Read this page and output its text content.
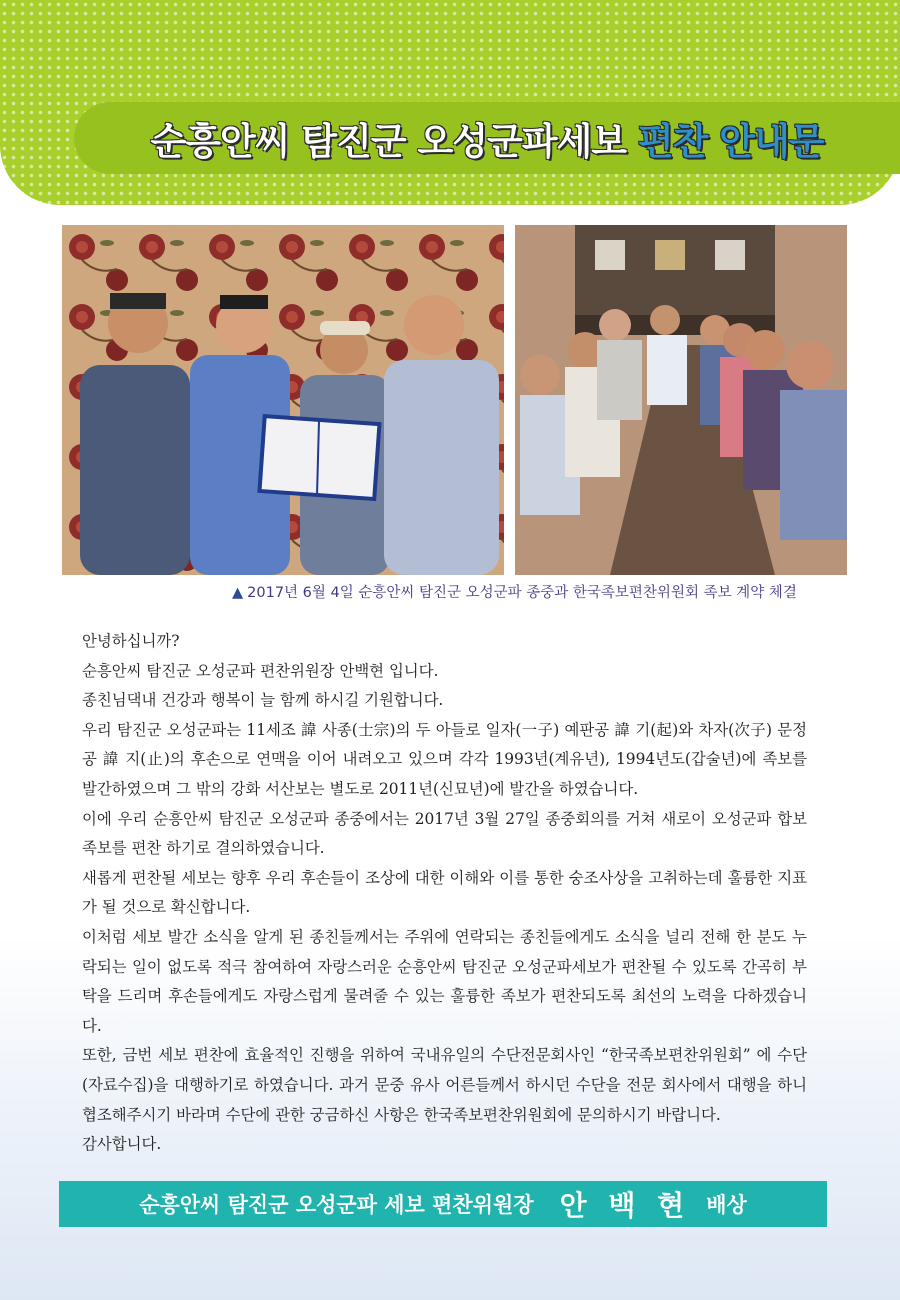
순흥안씨 탐진군 오성군파세보 편찬 안내문
▲ 2017년 6월 4일 순흥안씨 탐진군 오성군파 종중과 한국족보편찬위원회 족보 계약 체결

안녕하십니까?

순흥안씨 탐진군 오성군파 편찬위원장 안백현 입니다.

종친님댁내 건강과 행복이 늘 함께 하시길 기원합니다.

우리 탐진군 오성군파는 11세조 諱 사종(士宗)의 두 아들로 일자(一子) 예판공 諱 기(起)와 차자(次子) 문정공 諱 지(止)의 후손으로 연맥을 이어 내려오고 있으며 각각 1993년(계유년), 1994년도(갑술년)에 족보를 발간하였으며 그 밖의 강화 서산보는 별도로 2011년(신묘년)에 발간을 하였습니다.

이에 우리 순흥안씨 탐진군 오성군파 종중에서는 2017년 3월 27일 종중회의를 거쳐 새로이 오성군파 합보 족보를 편찬 하기로 결의하였습니다.

새롭게 편찬될 세보는 향후 우리 후손들이 조상에 대한 이해와 이를 통한 숭조사상을 고취하는데 훌륭한 지표가 될 것으로 확신합니다.

이처럼 세보 발간 소식을 알게 된 종친들께서는 주위에 연락되는 종친들에게도 소식을 널리 전해 한 분도 누락되는 일이 없도록 적극 참여하여 자랑스러운 순흥안씨 탐진군 오성군파세보가 편찬될 수 있도록 간곡히 부탁을 드리며 후손들에게도 자랑스럽게 물려줄 수 있는 훌륭한 족보가 편찬되도록 최선의 노력을 다하겠습니다.

또한, 금번 세보 편찬에 효율적인 진행을 위하여 국내유일의 수단전문회사인 “한국족보편찬위원회” 에 수단(자료수집)을 대행하기로 하였습니다. 과거 문중 유사 어른들께서 하시던 수단을 전문 회사에서 대행을 하니 협조해주시기 바라며 수단에 관한 궁금하신 사항은 한국족보편찬위원회에 문의하시기 바랍니다.

감사합니다.

순흥안씨 탐진군 오성군파 세보 편찬위원장 안 백 현 배상
